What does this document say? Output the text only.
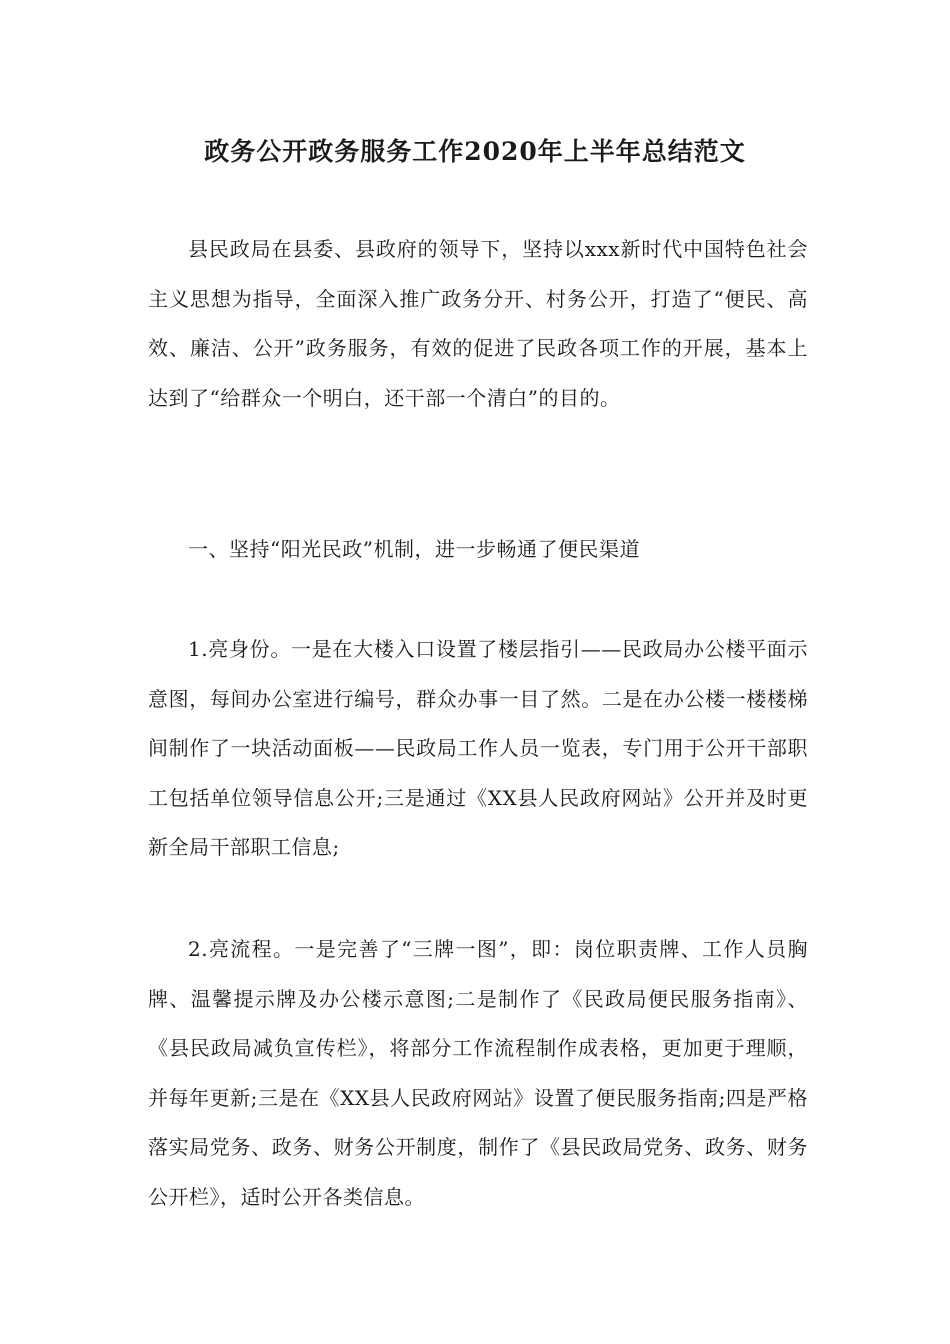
政务公开政务服务工作2020年上半年总结范文
县民政局在县委、县政府的领导下，坚持以xxx新时代中国特色社会主义思想为指导，全面深入推广政务分开、村务公开，打造了“便民、高效、廉洁、公开”政务服务，有效的促进了民政各项工作的开展，基本上达到了“给群众一个明白，还干部一个清白”的目的。
一、坚持“阳光民政”机制，进一步畅通了便民渠道
1.亮身份。一是在大楼入口设置了楼层指引——民政局办公楼平面示意图，每间办公室进行编号，群众办事一目了然。二是在办公楼一楼楼梯间制作了一块活动面板——民政局工作人员一览表，专门用于公开干部职工包括单位领导信息公开;三是通过《XX县人民政府网站》公开并及时更新全局干部职工信息;
2.亮流程。一是完善了“三牌一图”，即：岗位职责牌、工作人员胸牌、温馨提示牌及办公楼示意图;二是制作了《民政局便民服务指南》、《县民政局减负宣传栏》，将部分工作流程制作成表格，更加更于理顺，并每年更新;三是在《XX县人民政府网站》设置了便民服务指南;四是严格落实局党务、政务、财务公开制度，制作了《县民政局党务、政务、财务公开栏》，适时公开各类信息。
